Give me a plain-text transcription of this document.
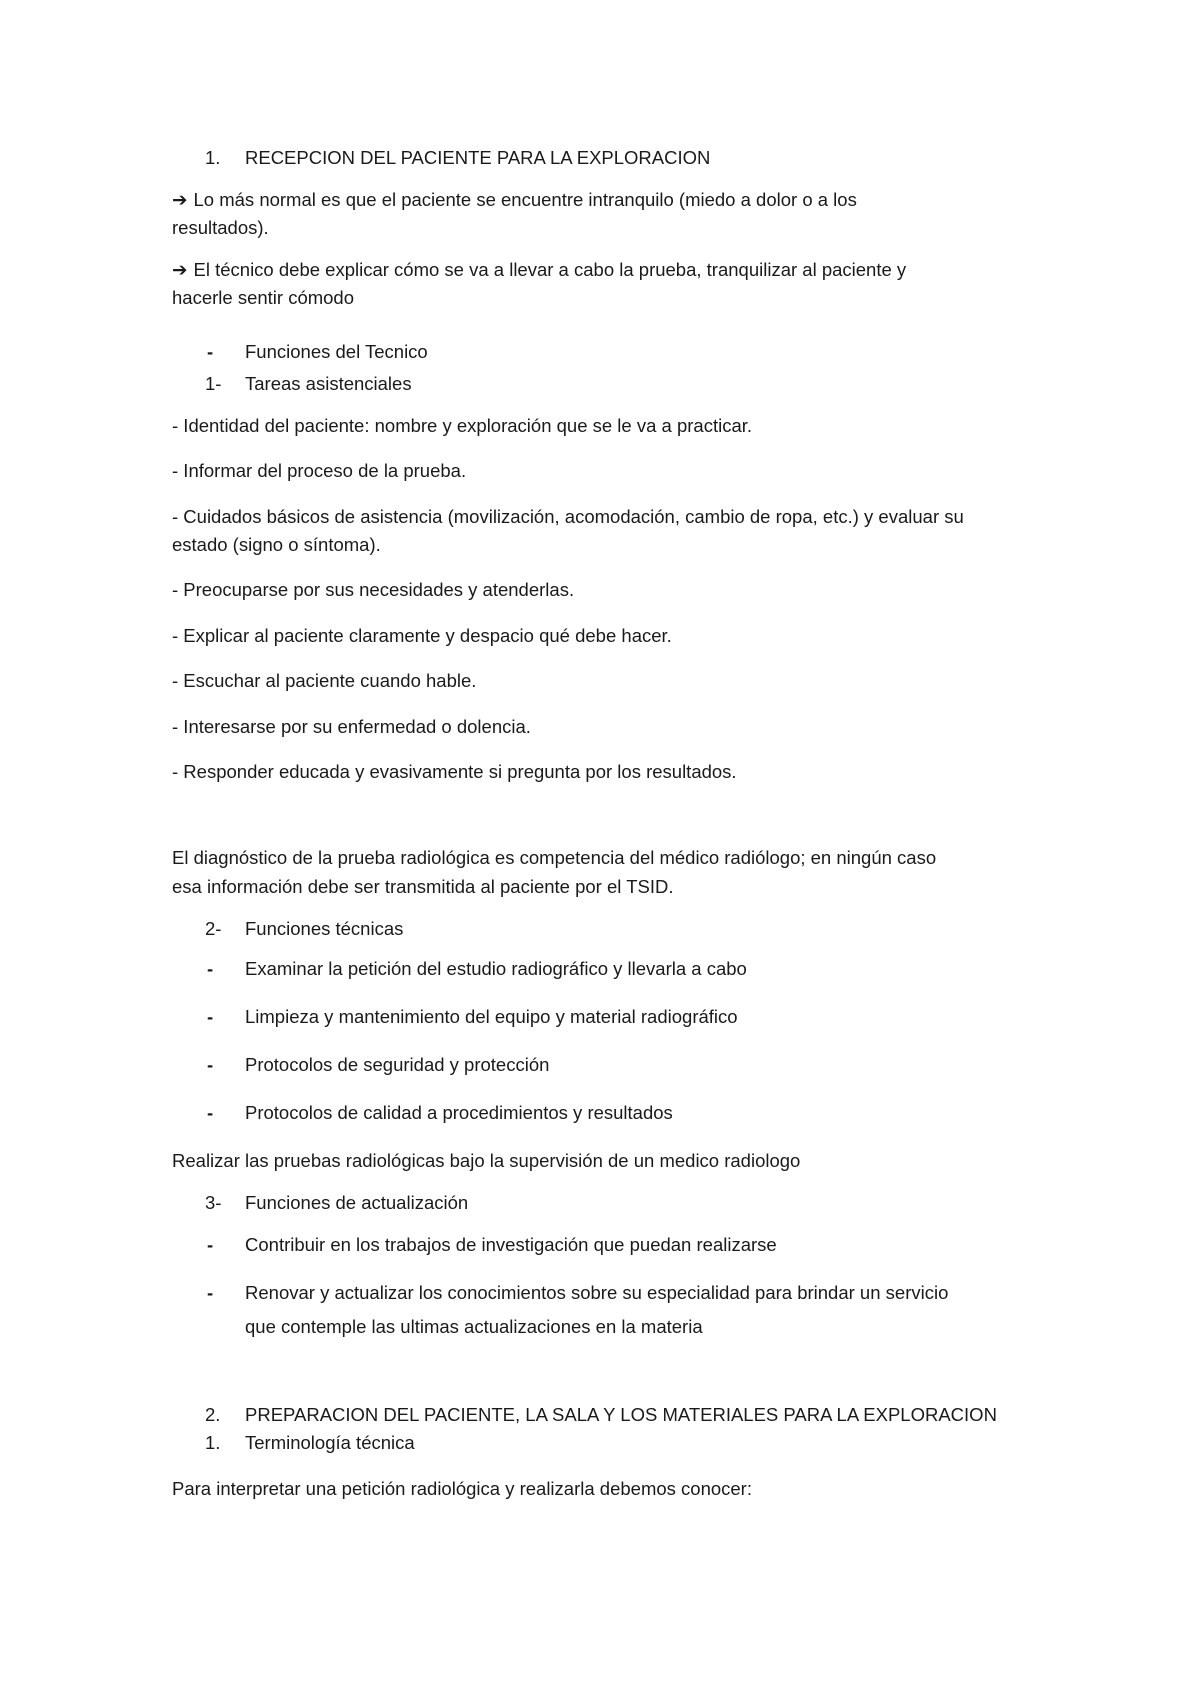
1. RECEPCION DEL PACIENTE PARA LA EXPLORACION
➔ Lo más normal es que el paciente se encuentre intranquilo (miedo a dolor o a los
resultados).
➔ El técnico debe explicar cómo se va a llevar a cabo la prueba, tranquilizar al paciente y
hacerle sentir cómodo
- Funciones del Tecnico
1- Tareas asistenciales
- Identidad del paciente: nombre y exploración que se le va a practicar.
- Informar del proceso de la prueba.
- Cuidados básicos de asistencia (movilización, acomodación, cambio de ropa, etc.) y evaluar su
estado (signo o síntoma).
- Preocuparse por sus necesidades y atenderlas.
- Explicar al paciente claramente y despacio qué debe hacer.
- Escuchar al paciente cuando hable.
- Interesarse por su enfermedad o dolencia.
- Responder educada y evasivamente si pregunta por los resultados.
El diagnóstico de la prueba radiológica es competencia del médico radiólogo; en ningún caso
esa información debe ser transmitida al paciente por el TSID.
2- Funciones técnicas
- Examinar la petición del estudio radiográfico y llevarla a cabo
- Limpieza y mantenimiento del equipo y material radiográfico
- Protocolos de seguridad y protección
- Protocolos de calidad a procedimientos y resultados
Realizar las pruebas radiológicas bajo la supervisión de un medico radiologo
3- Funciones de actualización
- Contribuir en los trabajos de investigación que puedan realizarse
- Renovar y actualizar los conocimientos sobre su especialidad para brindar un servicio
que contemple las ultimas actualizaciones en la materia
2. PREPARACION DEL PACIENTE, LA SALA Y LOS MATERIALES PARA LA EXPLORACION
1. Terminología técnica
Para interpretar una petición radiológica y realizarla debemos conocer:
